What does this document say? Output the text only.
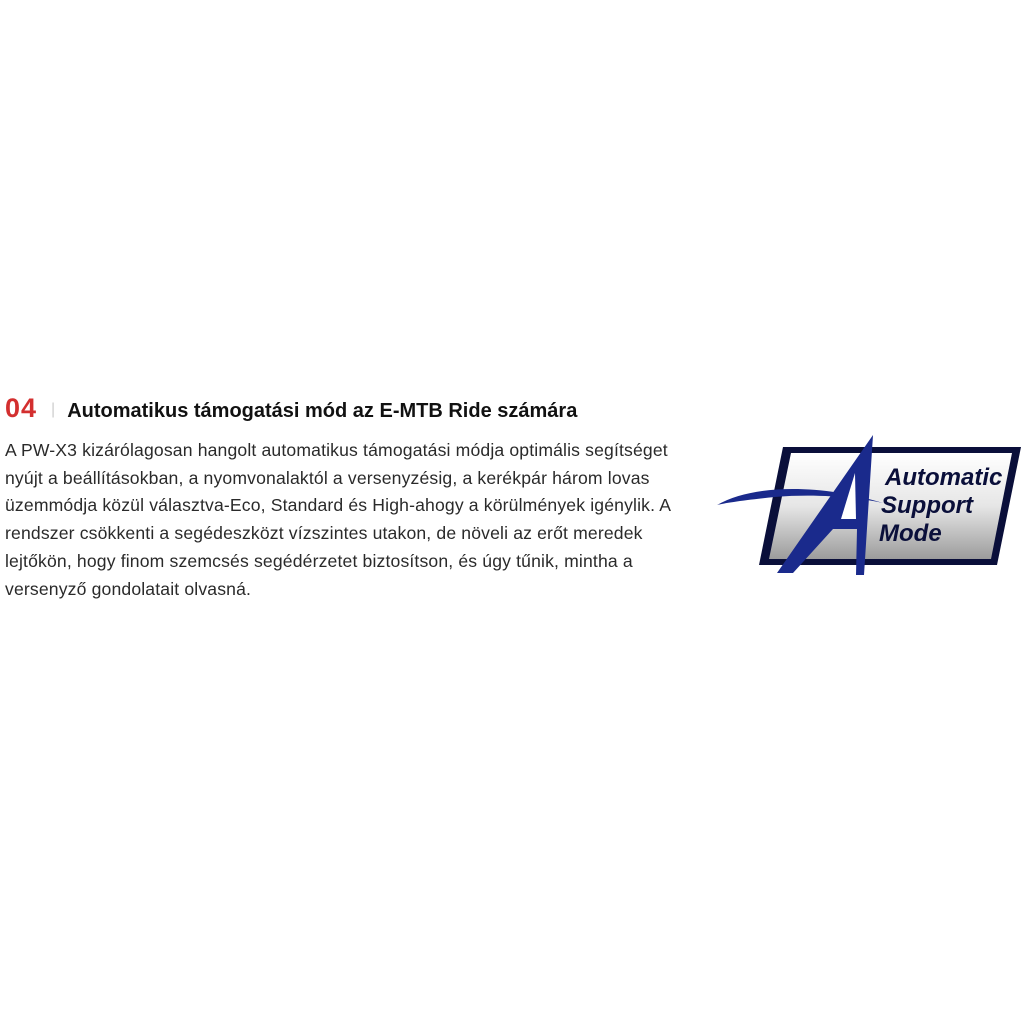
04 | Automatikus támogatási mód az E-MTB Ride számára

A PW-X3 kizárólagosan hangolt automatikus támogatási módja optimális segítséget nyújt a beállításokban, a nyomvonalaktól a versenyzésig, a kerékpár három lovas üzemmódja közül választva-Eco, Standard és High-ahogy a körülmények igénylik. A rendszer csökkenti a segédeszközt vízszintes utakon, de növeli az erőt meredek lejtőkön, hogy finom szemcsés segédérzetet biztosítson, és úgy tűnik, mintha a versenyző gondolatait olvasná.

Automatic
Support
Mode
